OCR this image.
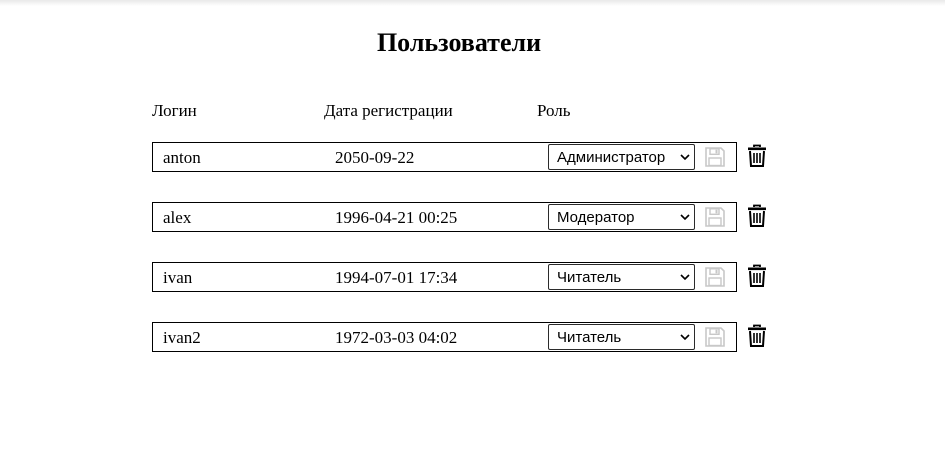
Пользователи
Логин	Дата регистрации	Роль
anton	2050-09-22	Администратор
alex	1996-04-21 00:25	Модератор
ivan	1994-07-01 17:34	Читатель
ivan2	1972-03-03 04:02	Читатель
